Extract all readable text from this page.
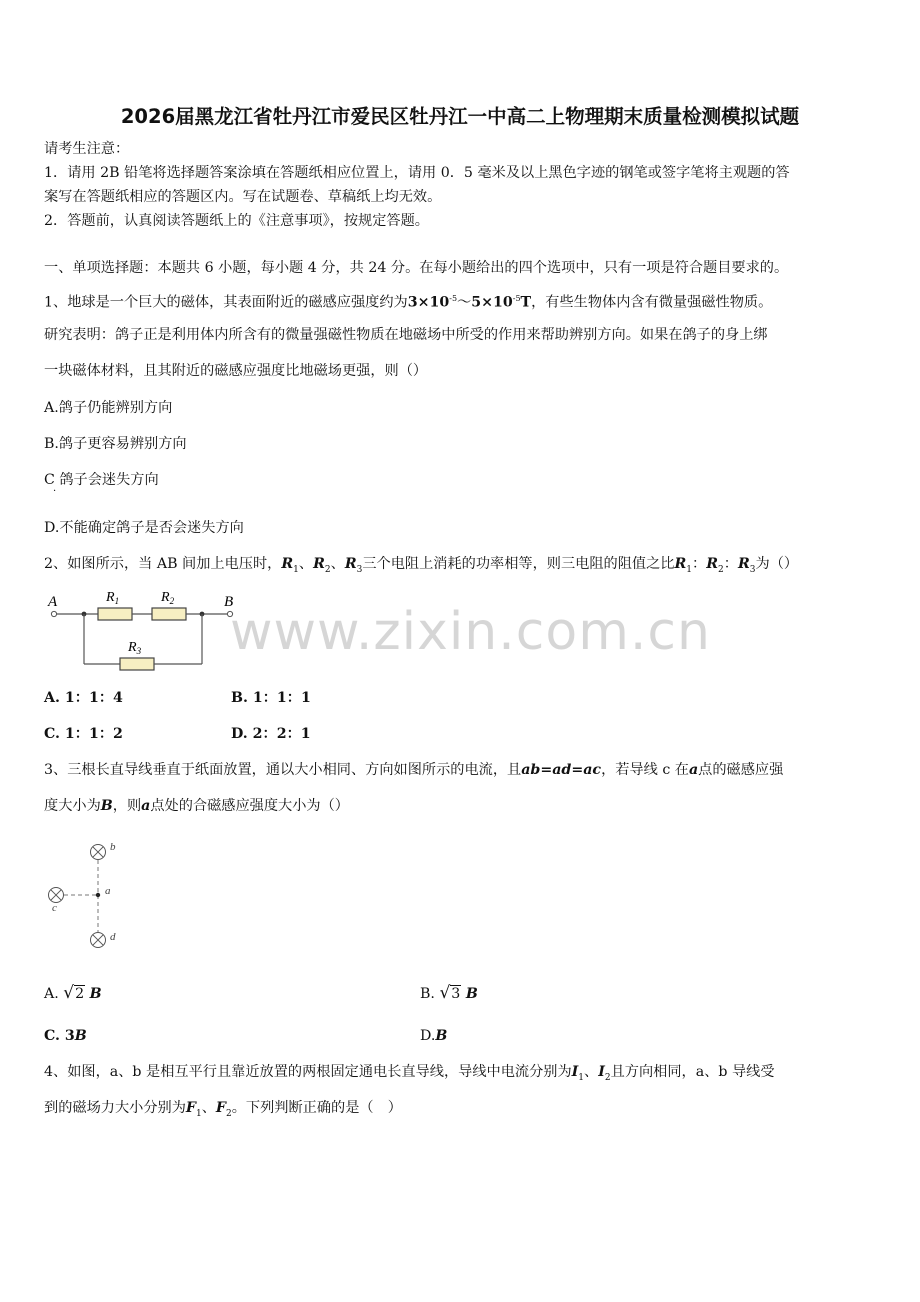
2026届黑龙江省牡丹江市爱民区牡丹江一中高二上物理期末质量检测模拟试题
请考生注意：
1．请用 2B 铅笔将选择题答案涂填在答题纸相应位置上，请用 0．5 毫米及以上黑色字迹的钢笔或签字笔将主观题的答
案写在答题纸相应的答题区内。写在试题卷、草稿纸上均无效。
2．答题前，认真阅读答题纸上的《注意事项》，按规定答题。
一、单项选择题：本题共 6 小题，每小题 4 分，共 24 分。在每小题给出的四个选项中，只有一项是符合题目要求的。
1、地球是一个巨大的磁体，其表面附近的磁感应强度约为$3\times 10^{-5}\sim 5\times 10^{-5}T$，有些生物体内含有微量强磁性物质。
研究表明：鸽子正是利用体内所含有的微量强磁性物质在地磁场中所受的作用来帮助辨别方向。如果在鸽子的身上绑
一块磁体材料，且其附近的磁感应强度比地磁场更强，则（）
A.鸽子仍能辨别方向
B.鸽子更容易辨别方向
C 鸽子会迷失方向
·
D.不能确定鸽子是否会迷失方向
2、如图所示，当 AB 间加上电压时，$R_1$、$R_2$、$R_3$三个电阻上消耗的功率相等，则三电阻的阻值之比$R_1$：$R_2$：$R_3$为（）
A	B
$R_1$	$R_2$
$R_3$ www.zixin.com.cn
A. 1：1：4	B. 1：1：1
C. 1：1：2	D. 2：2：1
3、三根长直导线垂直于纸面放置，通以大小相同、方向如图所示的电流，且ab=ad=ac，若导线 c 在a点的磁感应强
度大小为B，则a点处的合磁感应强度大小为（）
b
a
c
d
A. √2 B	B. √3 B
C. 3B	D.B
4、如图，a、b 是相互平行且靠近放置的两根固定通电长直导线，导线中电流分别为$I_1$、$I_2$且方向相同，a、b 导线受
到的磁场力大小分别为$F_1$、$F_2$。下列判断正确的是（　）
